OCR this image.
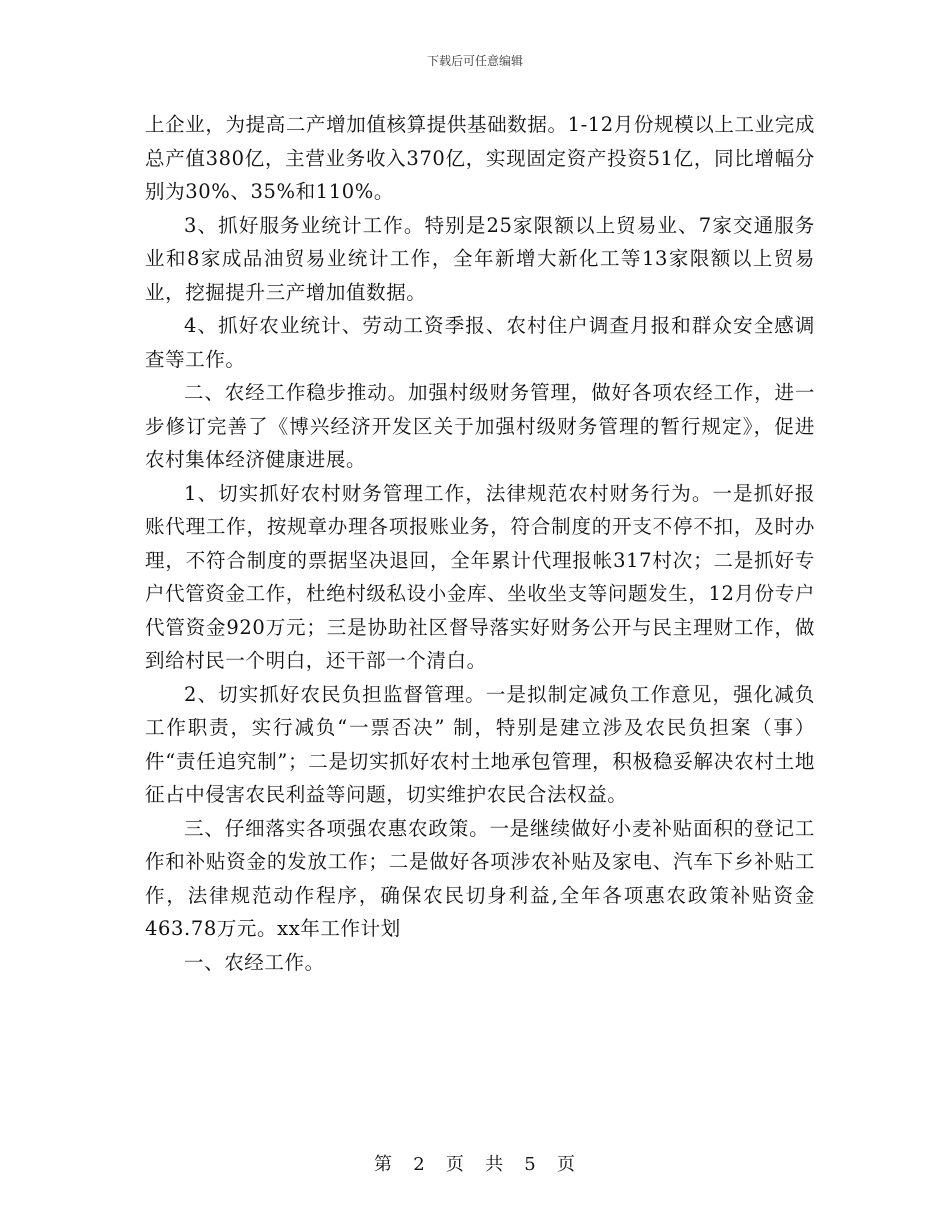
下载后可任意编辑

上企业，为提高二产增加值核算提供基础数据。1-12月份规模以上工业完成总产值380亿，主营业务收入370亿，实现固定资产投资51亿，同比增幅分别为30%、35%和110%。

3、抓好服务业统计工作。特别是25家限额以上贸易业、7家交通服务业和8家成品油贸易业统计工作，全年新增大新化工等13家限额以上贸易业，挖掘提升三产增加值数据。

4、抓好农业统计、劳动工资季报、农村住户调查月报和群众安全感调查等工作。

二、农经工作稳步推动。加强村级财务管理，做好各项农经工作，进一步修订完善了《博兴经济开发区关于加强村级财务管理的暂行规定》，促进农村集体经济健康进展。

1、切实抓好农村财务管理工作，法律规范农村财务行为。一是抓好报账代理工作，按规章办理各项报账业务，符合制度的开支不停不扣，及时办理，不符合制度的票据坚决退回，全年累计代理报帐317村次；二是抓好专户代管资金工作，杜绝村级私设小金库、坐收坐支等问题发生，12月份专户代管资金920万元；三是协助社区督导落实好财务公开与民主理财工作，做到给村民一个明白，还干部一个清白。

2、切实抓好农民负担监督管理。一是拟制定减负工作意见，强化减负工作职责，实行减负“一票否决” 制，特别是建立涉及农民负担案（事）件“责任追究制”；二是切实抓好农村土地承包管理，积极稳妥解决农村土地征占中侵害农民利益等问题，切实维护农民合法权益。

三、仔细落实各项强农惠农政策。一是继续做好小麦补贴面积的登记工作和补贴资金的发放工作；二是做好各项涉农补贴及家电、汽车下乡补贴工作，法律规范动作程序，确保农民切身利益,全年各项惠农政策补贴资金463.78万元。xx年工作计划

一、农经工作。

第 2 页 共 5 页
